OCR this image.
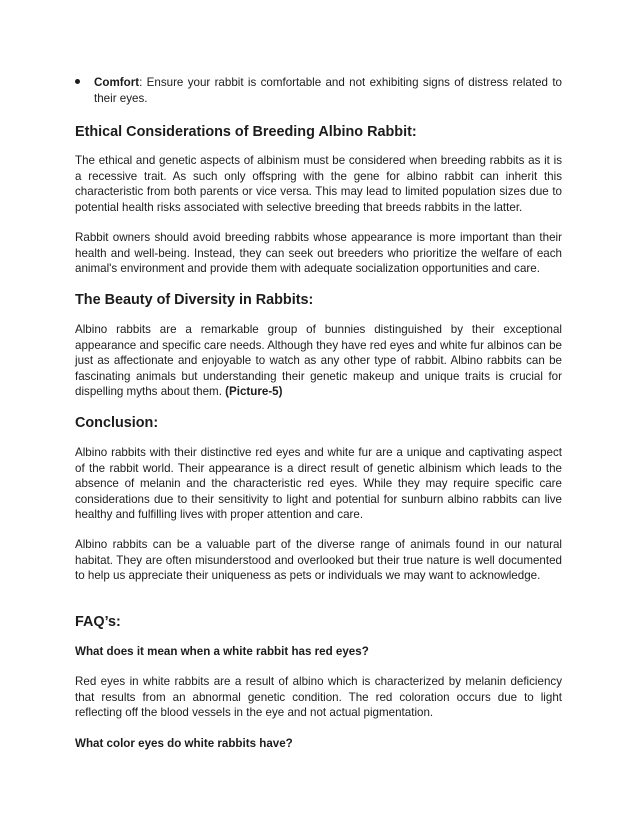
Comfort: Ensure your rabbit is comfortable and not exhibiting signs of distress related to their eyes.
Ethical Considerations of Breeding Albino Rabbit:

The ethical and genetic aspects of albinism must be considered when breeding rabbits as it is a recessive trait. As such only offspring with the gene for albino rabbit can inherit this characteristic from both parents or vice versa. This may lead to limited population sizes due to potential health risks associated with selective breeding that breeds rabbits in the latter.

Rabbit owners should avoid breeding rabbits whose appearance is more important than their health and well-being. Instead, they can seek out breeders who prioritize the welfare of each animal's environment and provide them with adequate socialization opportunities and care.

The Beauty of Diversity in Rabbits:

Albino rabbits are a remarkable group of bunnies distinguished by their exceptional appearance and specific care needs. Although they have red eyes and white fur albinos can be just as affectionate and enjoyable to watch as any other type of rabbit. Albino rabbits can be fascinating animals but understanding their genetic makeup and unique traits is crucial for dispelling myths about them. (Picture-5)

Conclusion:

Albino rabbits with their distinctive red eyes and white fur are a unique and captivating aspect of the rabbit world. Their appearance is a direct result of genetic albinism which leads to the absence of melanin and the characteristic red eyes. While they may require specific care considerations due to their sensitivity to light and potential for sunburn albino rabbits can live healthy and fulfilling lives with proper attention and care.

Albino rabbits can be a valuable part of the diverse range of animals found in our natural habitat. They are often misunderstood and overlooked but their true nature is well documented to help us appreciate their uniqueness as pets or individuals we may want to acknowledge.

FAQ’s:

What does it mean when a white rabbit has red eyes?

Red eyes in white rabbits are a result of albino which is characterized by melanin deficiency that results from an abnormal genetic condition. The red coloration occurs due to light reflecting off the blood vessels in the eye and not actual pigmentation.

What color eyes do white rabbits have?
